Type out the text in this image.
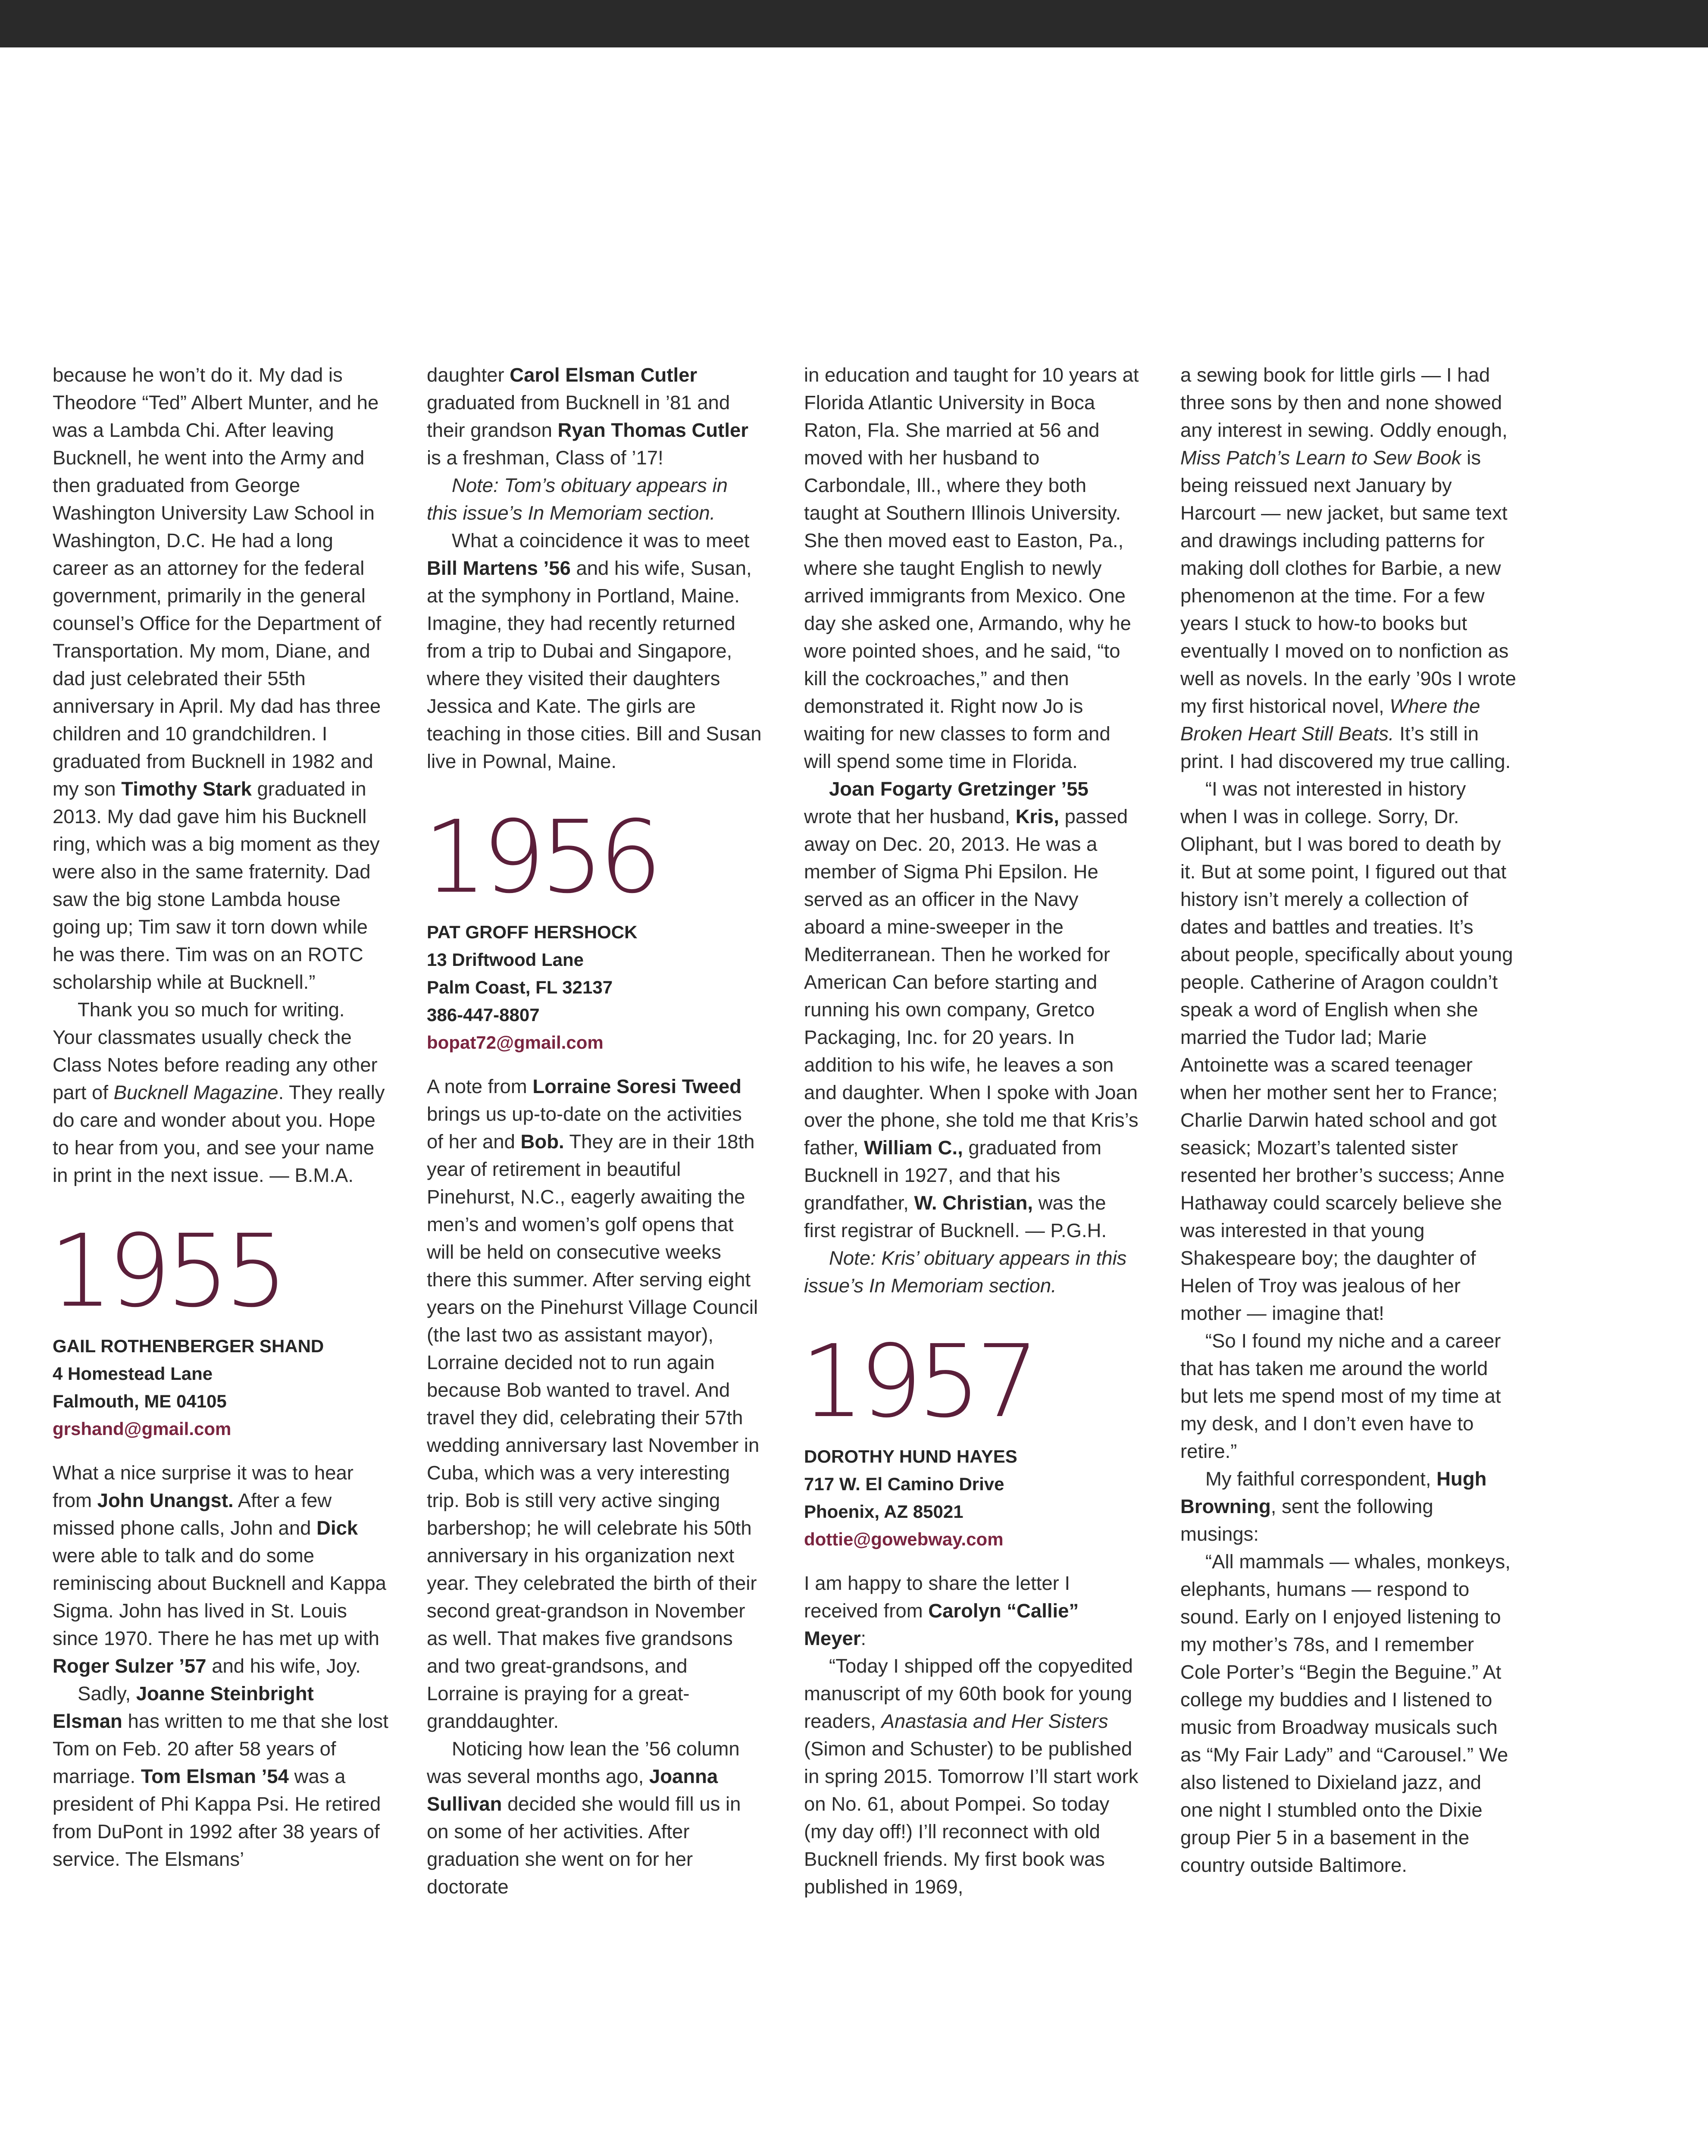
because he won’t do it. My dad is Theodore “Ted” Albert Munter, and he was a Lambda Chi. After leaving Bucknell, he went into the Army and then graduated from George Washington University Law School in Washington, D.C. He had a long career as an attorney for the federal government, primarily in the general counsel’s Office for the Department of Transportation. My mom, Diane, and dad just celebrated their 55th anniversary in April. My dad has three children and 10 grandchildren. I graduated from Bucknell in 1982 and my son Timothy Stark graduated in 2013. My dad gave him his Bucknell ring, which was a big moment as they were also in the same fraternity. Dad saw the big stone Lambda house going up; Tim saw it torn down while he was there. Tim was on an ROTC scholarship while at Bucknell.”

Thank you so much for writing. Your classmates usually check the Class Notes before reading any other part of Bucknell Magazine. They really do care and wonder about you. Hope to hear from you, and see your name in print in the next issue. — B.M.A.

1955
GAIL ROTHENBERGER SHAND
4 Homestead Lane
Falmouth, ME 04105
grshand@gmail.com

What a nice surprise it was to hear from John Unangst. After a few missed phone calls, John and Dick were able to talk and do some reminiscing about Bucknell and Kappa Sigma. John has lived in St. Louis since 1970. There he has met up with Roger Sulzer ’57 and his wife, Joy.

Sadly, Joanne Steinbright Elsman has written to me that she lost Tom on Feb. 20 after 58 years of marriage. Tom Elsman ’54 was a president of Phi Kappa Psi. He retired from DuPont in 1992 after 38 years of service. The Elsmans’

daughter Carol Elsman Cutler graduated from Bucknell in ’81 and their grandson Ryan Thomas Cutler is a freshman, Class of ’17!

Note: Tom’s obituary appears in this issue’s In Memoriam section.

What a coincidence it was to meet Bill Martens ’56 and his wife, Susan, at the symphony in Portland, Maine. Imagine, they had recently returned from a trip to Dubai and Singapore, where they visited their daughters Jessica and Kate. The girls are teaching in those cities. Bill and Susan live in Pownal, Maine.

1956
PAT GROFF HERSHOCK
13 Driftwood Lane
Palm Coast, FL 32137
386-447-8807
bopat72@gmail.com

A note from Lorraine Soresi Tweed brings us up-to-date on the activities of her and Bob. They are in their 18th year of retirement in beautiful Pinehurst, N.C., eagerly awaiting the men’s and women’s golf opens that will be held on consecutive weeks there this summer. After serving eight years on the Pinehurst Village Council (the last two as assistant mayor), Lorraine decided not to run again because Bob wanted to travel. And travel they did, celebrating their 57th wedding anniversary last November in Cuba, which was a very interesting trip. Bob is still very active singing barbershop; he will celebrate his 50th anniversary in his organization next year. They celebrated the birth of their second great-grandson in November as well. That makes five grandsons and two great-grandsons, and Lorraine is praying for a great-granddaughter.

Noticing how lean the ’56 column was several months ago, Joanna Sullivan decided she would fill us in on some of her activities. After graduation she went on for her doctorate

in education and taught for 10 years at Florida Atlantic University in Boca Raton, Fla. She married at 56 and moved with her husband to Carbondale, Ill., where they both taught at Southern Illinois University. She then moved east to Easton, Pa., where she taught English to newly arrived immigrants from Mexico. One day she asked one, Armando, why he wore pointed shoes, and he said, “to kill the cockroaches,” and then demonstrated it. Right now Jo is waiting for new classes to form and will spend some time in Florida.

Joan Fogarty Gretzinger ’55 wrote that her husband, Kris, passed away on Dec. 20, 2013. He was a member of Sigma Phi Epsilon. He served as an officer in the Navy aboard a mine-sweeper in the Mediterranean. Then he worked for American Can before starting and running his own company, Gretco Packaging, Inc. for 20 years. In addition to his wife, he leaves a son and daughter. When I spoke with Joan over the phone, she told me that Kris’s father, William C., graduated from Bucknell in 1927, and that his grandfather, W. Christian, was the first registrar of Bucknell. — P.G.H.

Note: Kris’ obituary appears in this issue’s In Memoriam section.

1957
DOROTHY HUND HAYES
717 W. El Camino Drive
Phoenix, AZ 85021
dottie@gowebway.com

I am happy to share the letter I received from Carolyn “Callie” Meyer:

“Today I shipped off the copyedited manuscript of my 60th book for young readers, Anastasia and Her Sisters (Simon and Schuster) to be published in spring 2015. Tomorrow I’ll start work on No. 61, about Pompei. So today (my day off!) I’ll reconnect with old Bucknell friends. My first book was published in 1969,

a sewing book for little girls — I had three sons by then and none showed any interest in sewing. Oddly enough, Miss Patch’s Learn to Sew Book is being reissued next January by Harcourt — new jacket, but same text and drawings including patterns for making doll clothes for Barbie, a new phenomenon at the time. For a few years I stuck to how-to books but eventually I moved on to nonfiction as well as novels. In the early ’90s I wrote my first historical novel, Where the Broken Heart Still Beats. It’s still in print. I had discovered my true calling.

“I was not interested in history when I was in college. Sorry, Dr. Oliphant, but I was bored to death by it. But at some point, I figured out that history isn’t merely a collection of dates and battles and treaties. It’s about people, specifically about young people. Catherine of Aragon couldn’t speak a word of English when she married the Tudor lad; Marie Antoinette was a scared teenager when her mother sent her to France; Charlie Darwin hated school and got seasick; Mozart’s talented sister resented her brother’s success; Anne Hathaway could scarcely believe she was interested in that young Shakespeare boy; the daughter of Helen of Troy was jealous of her mother — imagine that!

“So I found my niche and a career that has taken me around the world but lets me spend most of my time at my desk, and I don’t even have to retire.”

My faithful correspondent, Hugh Browning, sent the following musings:

“All mammals — whales, monkeys, elephants, humans — respond to sound. Early on I enjoyed listening to my mother’s 78s, and I remember Cole Porter’s “Begin the Beguine.” At college my buddies and I listened to music from Broadway musicals such as “My Fair Lady” and “Carousel.” We also listened to Dixieland jazz, and one night I stumbled onto the Dixie group Pier 5 in a basement in the country outside Baltimore.
